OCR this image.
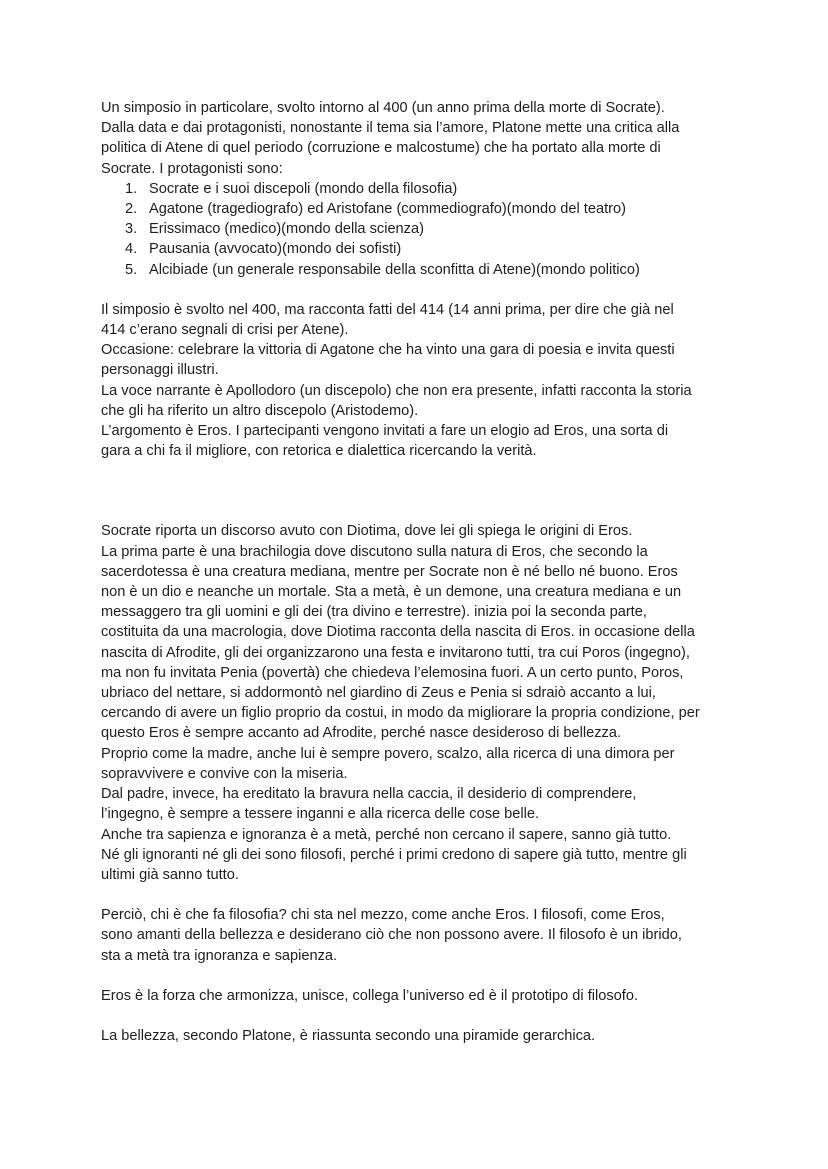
Un simposio in particolare, svolto intorno al 400 (un anno prima della morte di Socrate).
Dalla data e dai protagonisti, nonostante il tema sia l’amore, Platone mette una critica alla
politica di Atene di quel periodo (corruzione e malcostume) che ha portato alla morte di
Socrate. I protagonisti sono:
1. Socrate e i suoi discepoli (mondo della filosofia)
2. Agatone (tragediografo) ed Aristofane (commediografo)(mondo del teatro)
3. Erissimaco (medico)(mondo della scienza)
4. Pausania (avvocato)(mondo dei sofisti)
5. Alcibiade (un generale responsabile della sconfitta di Atene)(mondo politico)
Il simposio è svolto nel 400, ma racconta fatti del 414 (14 anni prima, per dire che già nel
414 c’erano segnali di crisi per Atene).
Occasione: celebrare la vittoria di Agatone che ha vinto una gara di poesia e invita questi
personaggi illustri.
La voce narrante è Apollodoro (un discepolo) che non era presente, infatti racconta la storia
che gli ha riferito un altro discepolo (Aristodemo).
L’argomento è Eros. I partecipanti vengono invitati a fare un elogio ad Eros, una sorta di
gara a chi fa il migliore, con retorica e dialettica ricercando la verità.
Socrate riporta un discorso avuto con Diotima, dove lei gli spiega le origini di Eros.
La prima parte è una brachilogia dove discutono sulla natura di Eros, che secondo la
sacerdotessa è una creatura mediana, mentre per Socrate non è né bello né buono. Eros
non è un dio e neanche un mortale. Sta a metà, è un demone, una creatura mediana e un
messaggero tra gli uomini e gli dei (tra divino e terrestre). inizia poi la seconda parte,
costituita da una macrologia, dove Diotima racconta della nascita di Eros. in occasione della
nascita di Afrodite, gli dei organizzarono una festa e invitarono tutti, tra cui Poros (ingegno),
ma non fu invitata Penia (povertà) che chiedeva l’elemosina fuori. A un certo punto, Poros,
ubriaco del nettare, si addormontò nel giardino di Zeus e Penia si sdraiò accanto a lui,
cercando di avere un figlio proprio da costui, in modo da migliorare la propria condizione, per
questo Eros è sempre accanto ad Afrodite, perché nasce desideroso di bellezza.
Proprio come la madre, anche lui è sempre povero, scalzo, alla ricerca di una dimora per
sopravvivere e convive con la miseria.
Dal padre, invece, ha ereditato la bravura nella caccia, il desiderio di comprendere,
l’ingegno, è sempre a tessere inganni e alla ricerca delle cose belle.
Anche tra sapienza e ignoranza è a metà, perché non cercano il sapere, sanno già tutto.
Né gli ignoranti né gli dei sono filosofi, perché i primi credono di sapere già tutto, mentre gli
ultimi già sanno tutto.
Perciò, chi è che fa filosofia? chi sta nel mezzo, come anche Eros. I filosofi, come Eros,
sono amanti della bellezza e desiderano ciò che non possono avere. Il filosofo è un ibrido,
sta a metà tra ignoranza e sapienza.
Eros è la forza che armonizza, unisce, collega l’universo ed è il prototipo di filosofo.
La bellezza, secondo Platone, è riassunta secondo una piramide gerarchica.
